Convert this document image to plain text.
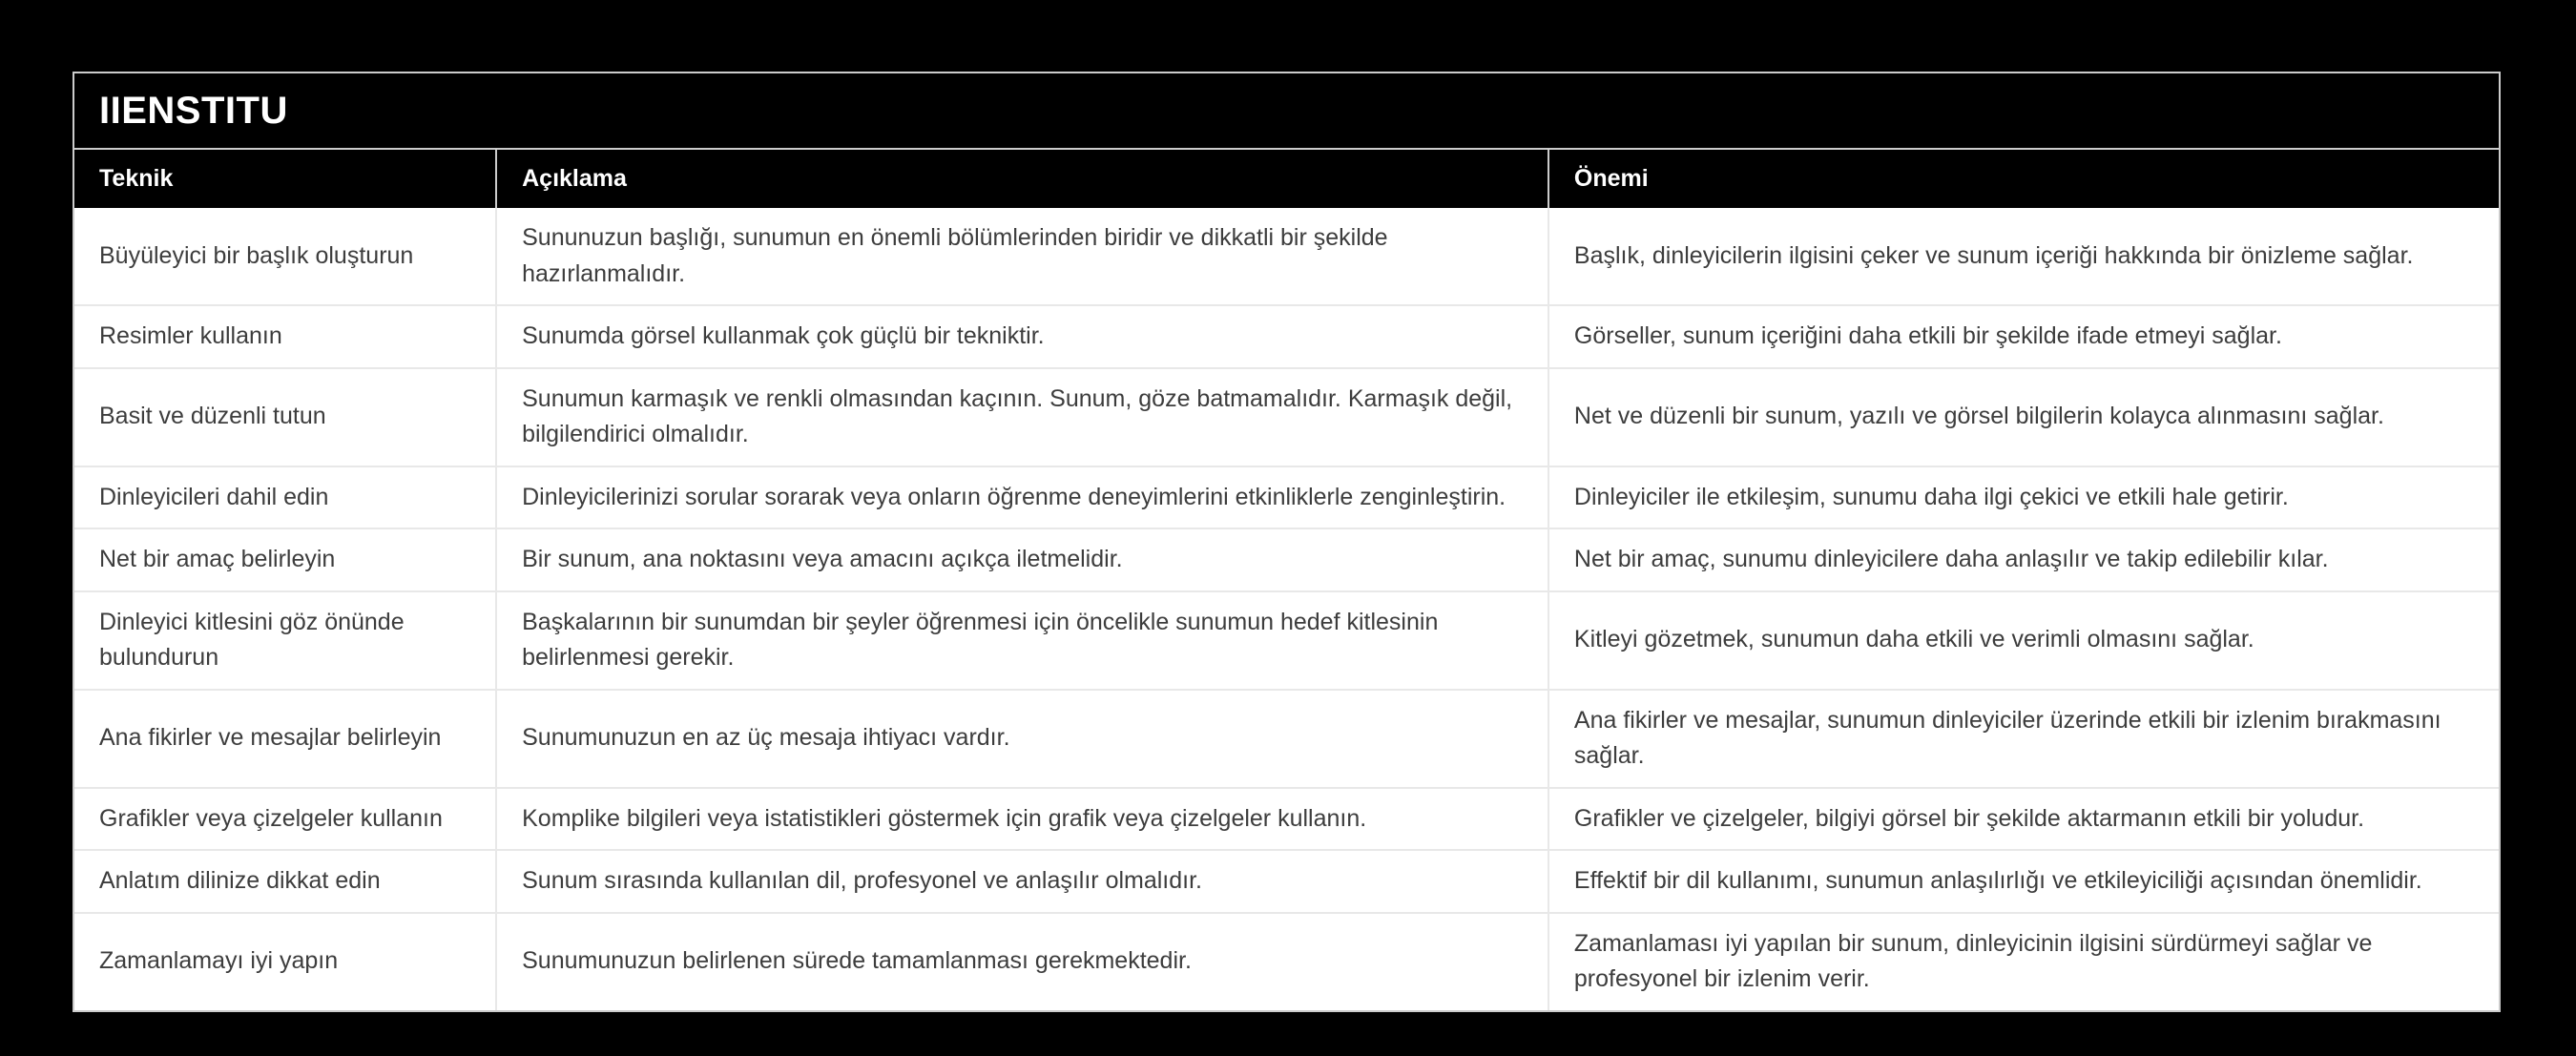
IIENSTITU
Teknik	Açıklama	Önemi
Büyüleyici bir başlık oluşturun	Sununuzun başlığı, sunumun en önemli bölümlerinden biridir ve dikkatli bir şekilde hazırlanmalıdır.	Başlık, dinleyicilerin ilgisini çeker ve sunum içeriği hakkında bir önizleme sağlar.
Resimler kullanın	Sunumda görsel kullanmak çok güçlü bir tekniktir.	Görseller, sunum içeriğini daha etkili bir şekilde ifade etmeyi sağlar.
Basit ve düzenli tutun	Sunumun karmaşık ve renkli olmasından kaçının. Sunum, göze batmamalıdır. Karmaşık değil, bilgilendirici olmalıdır.	Net ve düzenli bir sunum, yazılı ve görsel bilgilerin kolayca alınmasını sağlar.
Dinleyicileri dahil edin	Dinleyicilerinizi sorular sorarak veya onların öğrenme deneyimlerini etkinliklerle zenginleştirin.	Dinleyiciler ile etkileşim, sunumu daha ilgi çekici ve etkili hale getirir.
Net bir amaç belirleyin	Bir sunum, ana noktasını veya amacını açıkça iletmelidir.	Net bir amaç, sunumu dinleyicilere daha anlaşılır ve takip edilebilir kılar.
Dinleyici kitlesini göz önünde bulundurun	Başkalarının bir sunumdan bir şeyler öğrenmesi için öncelikle sunumun hedef kitlesinin belirlenmesi gerekir.	Kitleyi gözetmek, sunumun daha etkili ve verimli olmasını sağlar.
Ana fikirler ve mesajlar belirleyin	Sunumunuzun en az üç mesaja ihtiyacı vardır.	Ana fikirler ve mesajlar, sunumun dinleyiciler üzerinde etkili bir izlenim bırakmasını sağlar.
Grafikler veya çizelgeler kullanın	Komplike bilgileri veya istatistikleri göstermek için grafik veya çizelgeler kullanın.	Grafikler ve çizelgeler, bilgiyi görsel bir şekilde aktarmanın etkili bir yoludur.
Anlatım dilinize dikkat edin	Sunum sırasında kullanılan dil, profesyonel ve anlaşılır olmalıdır.	Effektif bir dil kullanımı, sunumun anlaşılırlığı ve etkileyiciliği açısından önemlidir.
Zamanlamayı iyi yapın	Sunumunuzun belirlenen sürede tamamlanması gerekmektedir.	Zamanlaması iyi yapılan bir sunum, dinleyicinin ilgisini sürdürmeyi sağlar ve profesyonel bir izlenim verir.
